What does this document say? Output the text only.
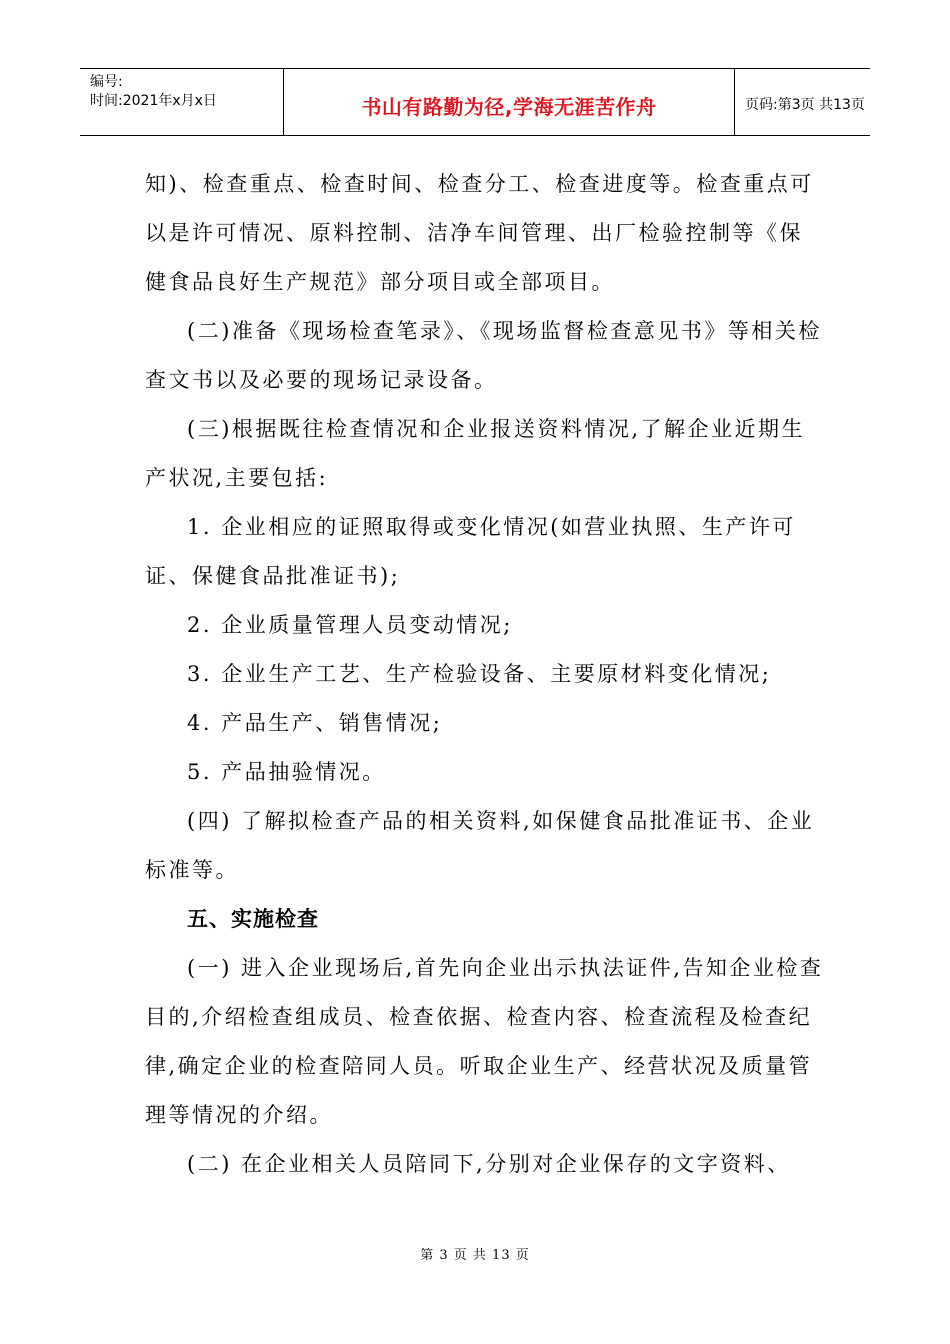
编号:
时间:2021年x月x日	书山有路勤为径,学海无涯苦作舟	页码:第3页 共13页

知)、检查重点、检查时间、检查分工、检查进度等。检查重点可以是许可情况、原料控制、洁净车间管理、出厂检验控制等《保健食品良好生产规范》部分项目或全部项目。

(二)准备《现场检查笔录》、《现场监督检查意见书》等相关检查文书以及必要的现场记录设备。

(三)根据既往检查情况和企业报送资料情况,了解企业近期生产状况,主要包括:

1. 企业相应的证照取得或变化情况(如营业执照、生产许可证、保健食品批准证书);

2. 企业质量管理人员变动情况;

3. 企业生产工艺、生产检验设备、主要原材料变化情况;

4. 产品生产、销售情况;

5. 产品抽验情况。

(四) 了解拟检查产品的相关资料,如保健食品批准证书、企业标准等。

五、实施检查

(一) 进入企业现场后,首先向企业出示执法证件,告知企业检查目的,介绍检查组成员、检查依据、检查内容、检查流程及检查纪律,确定企业的检查陪同人员。听取企业生产、经营状况及质量管理等情况的介绍。

(二) 在企业相关人员陪同下,分别对企业保存的文字资料、

第 3 页 共 13 页
